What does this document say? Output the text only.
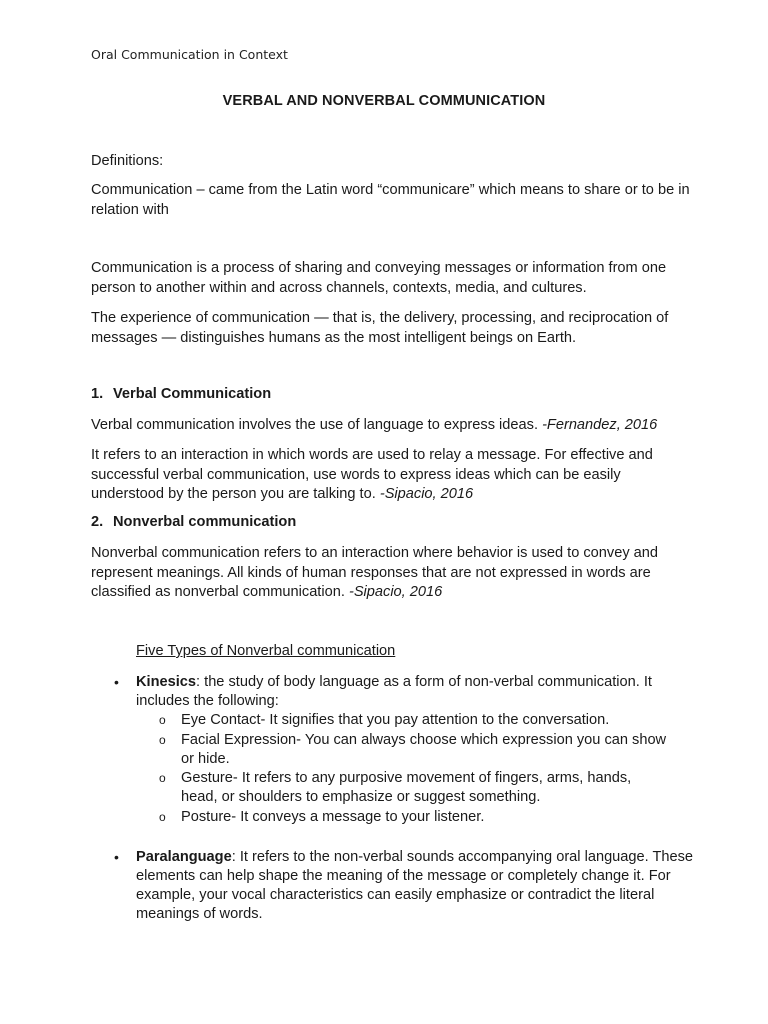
Oral Communication in Context
VERBAL AND NONVERBAL COMMUNICATION

Definitions:

Communication – came from the Latin word “communicare” which means to share or to be in relation with

Communication is a process of sharing and conveying messages or information from one person to another within and across channels, contexts, media, and cultures.

The experience of communication — that is, the delivery, processing, and reciprocation of messages — distinguishes humans as the most intelligent beings on Earth.

1. Verbal Communication

Verbal communication involves the use of language to express ideas. -Fernandez, 2016

It refers to an interaction in which words are used to relay a message. For effective and successful verbal communication, use words to express ideas which can be easily understood by the person you are talking to. -Sipacio, 2016

2. Nonverbal communication

Nonverbal communication refers to an interaction where behavior is used to convey and represent meanings. All kinds of human responses that are not expressed in words are classified as nonverbal communication. -Sipacio, 2016

Five Types of Nonverbal communication
• Kinesics: the study of body language as a form of non-verbal communication. It includes the following:
o Eye Contact- It signifies that you pay attention to the conversation.
o Facial Expression- You can always choose which expression you can show or hide.
o Gesture- It refers to any purposive movement of fingers, arms, hands, head, or shoulders to emphasize or suggest something.
o Posture- It conveys a message to your listener.
• Paralanguage: It refers to the non-verbal sounds accompanying oral language. These elements can help shape the meaning of the message or completely change it. For example, your vocal characteristics can easily emphasize or contradict the literal meanings of words.
